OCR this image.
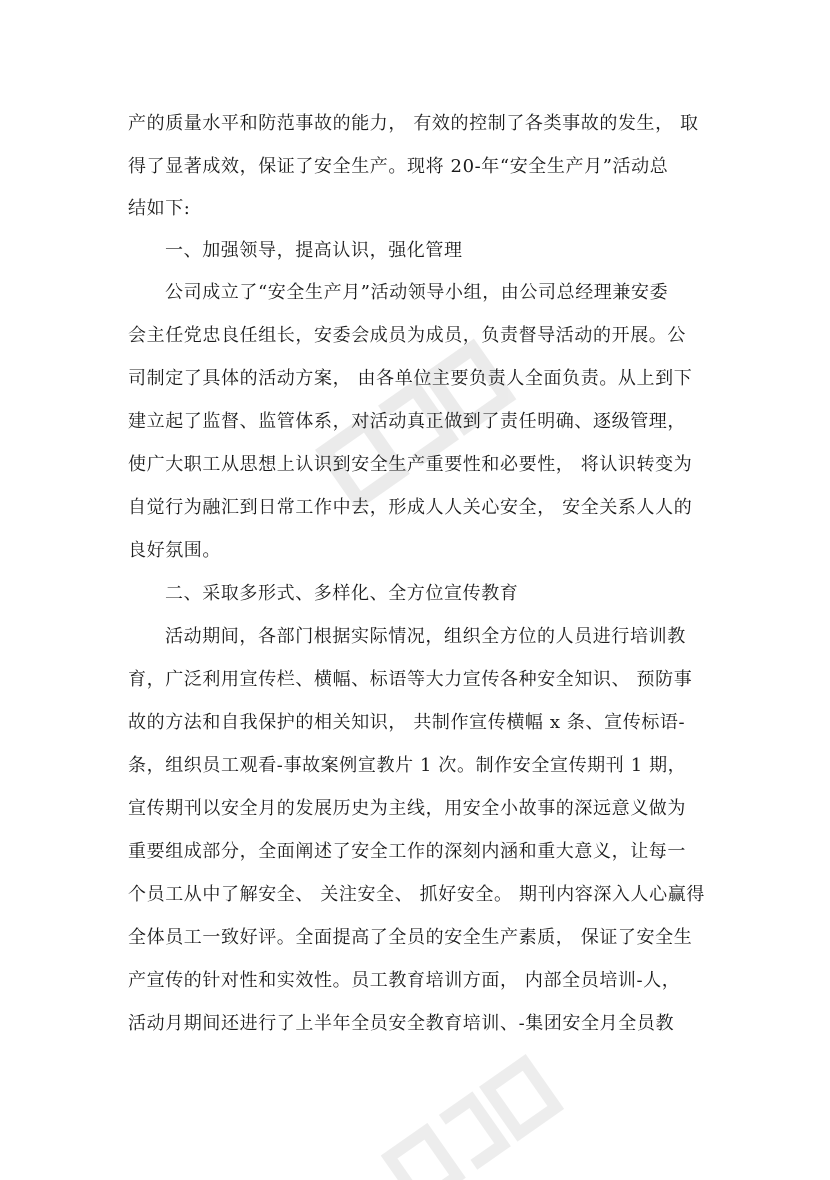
产的质量水平和防范事故的能力， 有效的控制了各类事故的发生， 取
得了显著成效，保证了安全生产。现将 20-年“安全生产月”活动总
结如下:
一、加强领导，提高认识，强化管理
公司成立了“安全生产月”活动领导小组，由公司总经理兼安委
会主任党忠良任组长，安委会成员为成员，负责督导活动的开展。公
司制定了具体的活动方案， 由各单位主要负责人全面负责。从上到下
建立起了监督、监管体系，对活动真正做到了责任明确、逐级管理，
使广大职工从思想上认识到安全生产重要性和必要性， 将认识转变为
自觉行为融汇到日常工作中去，形成人人关心安全， 安全关系人人的
良好氛围。
二、采取多形式、多样化、全方位宣传教育
活动期间，各部门根据实际情况，组织全方位的人员进行培训教
育，广泛利用宣传栏、横幅、标语等大力宣传各种安全知识、 预防事
故的方法和自我保护的相关知识， 共制作宣传横幅 x 条、宣传标语-
条，组织员工观看-事故案例宣教片 1 次。制作安全宣传期刊 1 期，
宣传期刊以安全月的发展历史为主线，用安全小故事的深远意义做为
重要组成部分，全面阐述了安全工作的深刻内涵和重大意义，让每一
个员工从中了解安全、 关注安全、 抓好安全。 期刊内容深入人心赢得
全体员工一致好评。全面提高了全员的安全生产素质， 保证了安全生
产宣传的针对性和实效性。员工教育培训方面， 内部全员培训-人，
活动月期间还进行了上半年全员安全教育培训、-集团安全月全员教
